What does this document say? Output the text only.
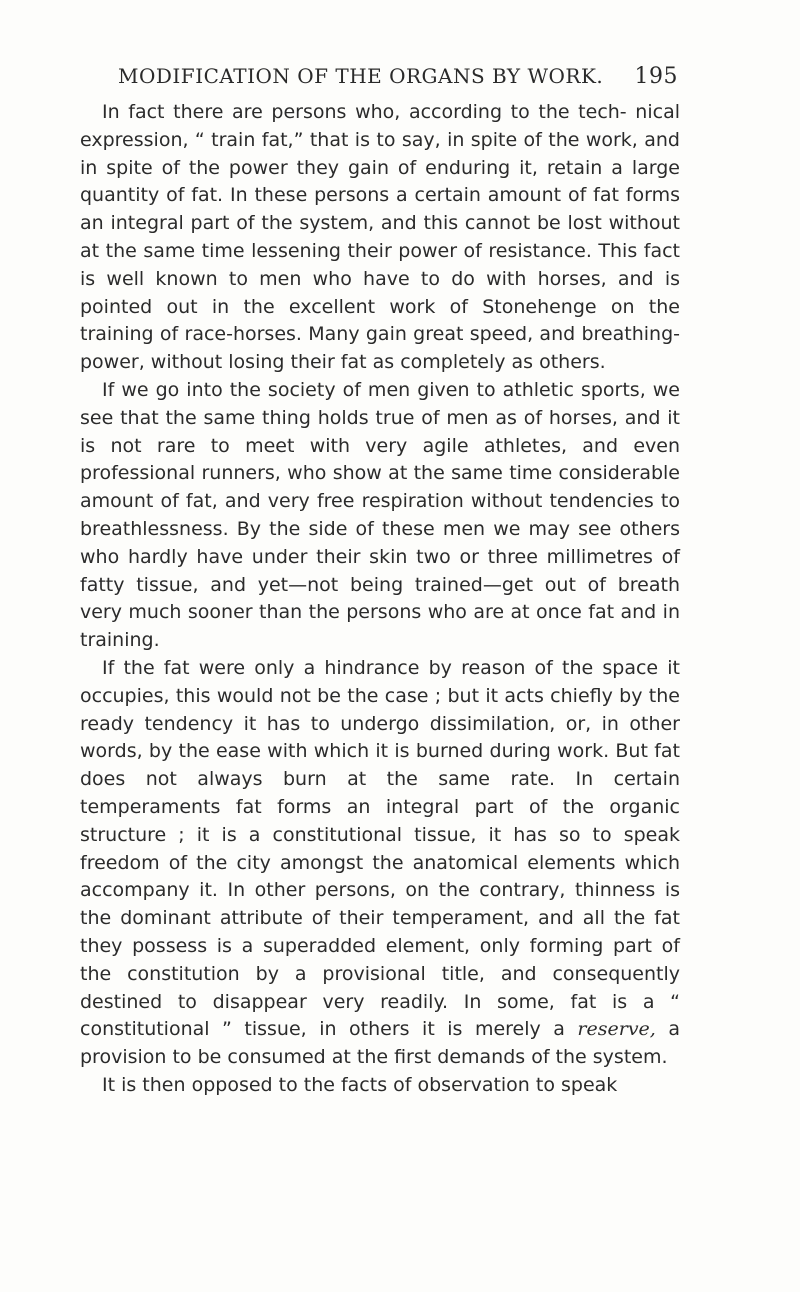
MODIFICATION OF THE ORGANS BY WORK. 195

In fact there are persons who, according to the tech- nical expression, “ train fat,” that is to say, in spite of the work, and in spite of the power they gain of enduring it, retain a large quantity of fat. In these persons a certain amount of fat forms an integral part of the system, and this cannot be lost without at the same time lessening their power of resistance. This fact is well known to men who have to do with horses, and is pointed out in the excellent work of Stonehenge on the training of race-horses. Many gain great speed, and breathing-power, without losing their fat as completely as others.

If we go into the society of men given to athletic sports, we see that the same thing holds true of men as of horses, and it is not rare to meet with very agile athletes, and even professional runners, who show at the same time considerable amount of fat, and very free respiration without tendencies to breathlessness. By the side of these men we may see others who hardly have under their skin two or three millimetres of fatty tissue, and yet—not being trained—get out of breath very much sooner than the persons who are at once fat and in training.

If the fat were only a hindrance by reason of the space it occupies, this would not be the case ; but it acts chiefly by the ready tendency it has to undergo dissimilation, or, in other words, by the ease with which it is burned during work. But fat does not always burn at the same rate. In certain temperaments fat forms an integral part of the organic structure ; it is a constitutional tissue, it has so to speak freedom of the city amongst the anatomical elements which accompany it. In other persons, on the contrary, thinness is the dominant attribute of their temperament, and all the fat they possess is a superadded element, only forming part of the constitution by a provisional title, and consequently destined to disappear very readily. In some, fat is a “ constitutional ” tissue, in others it is merely a reserve, a provision to be consumed at the first demands of the system.

It is then opposed to the facts of observation to speak
